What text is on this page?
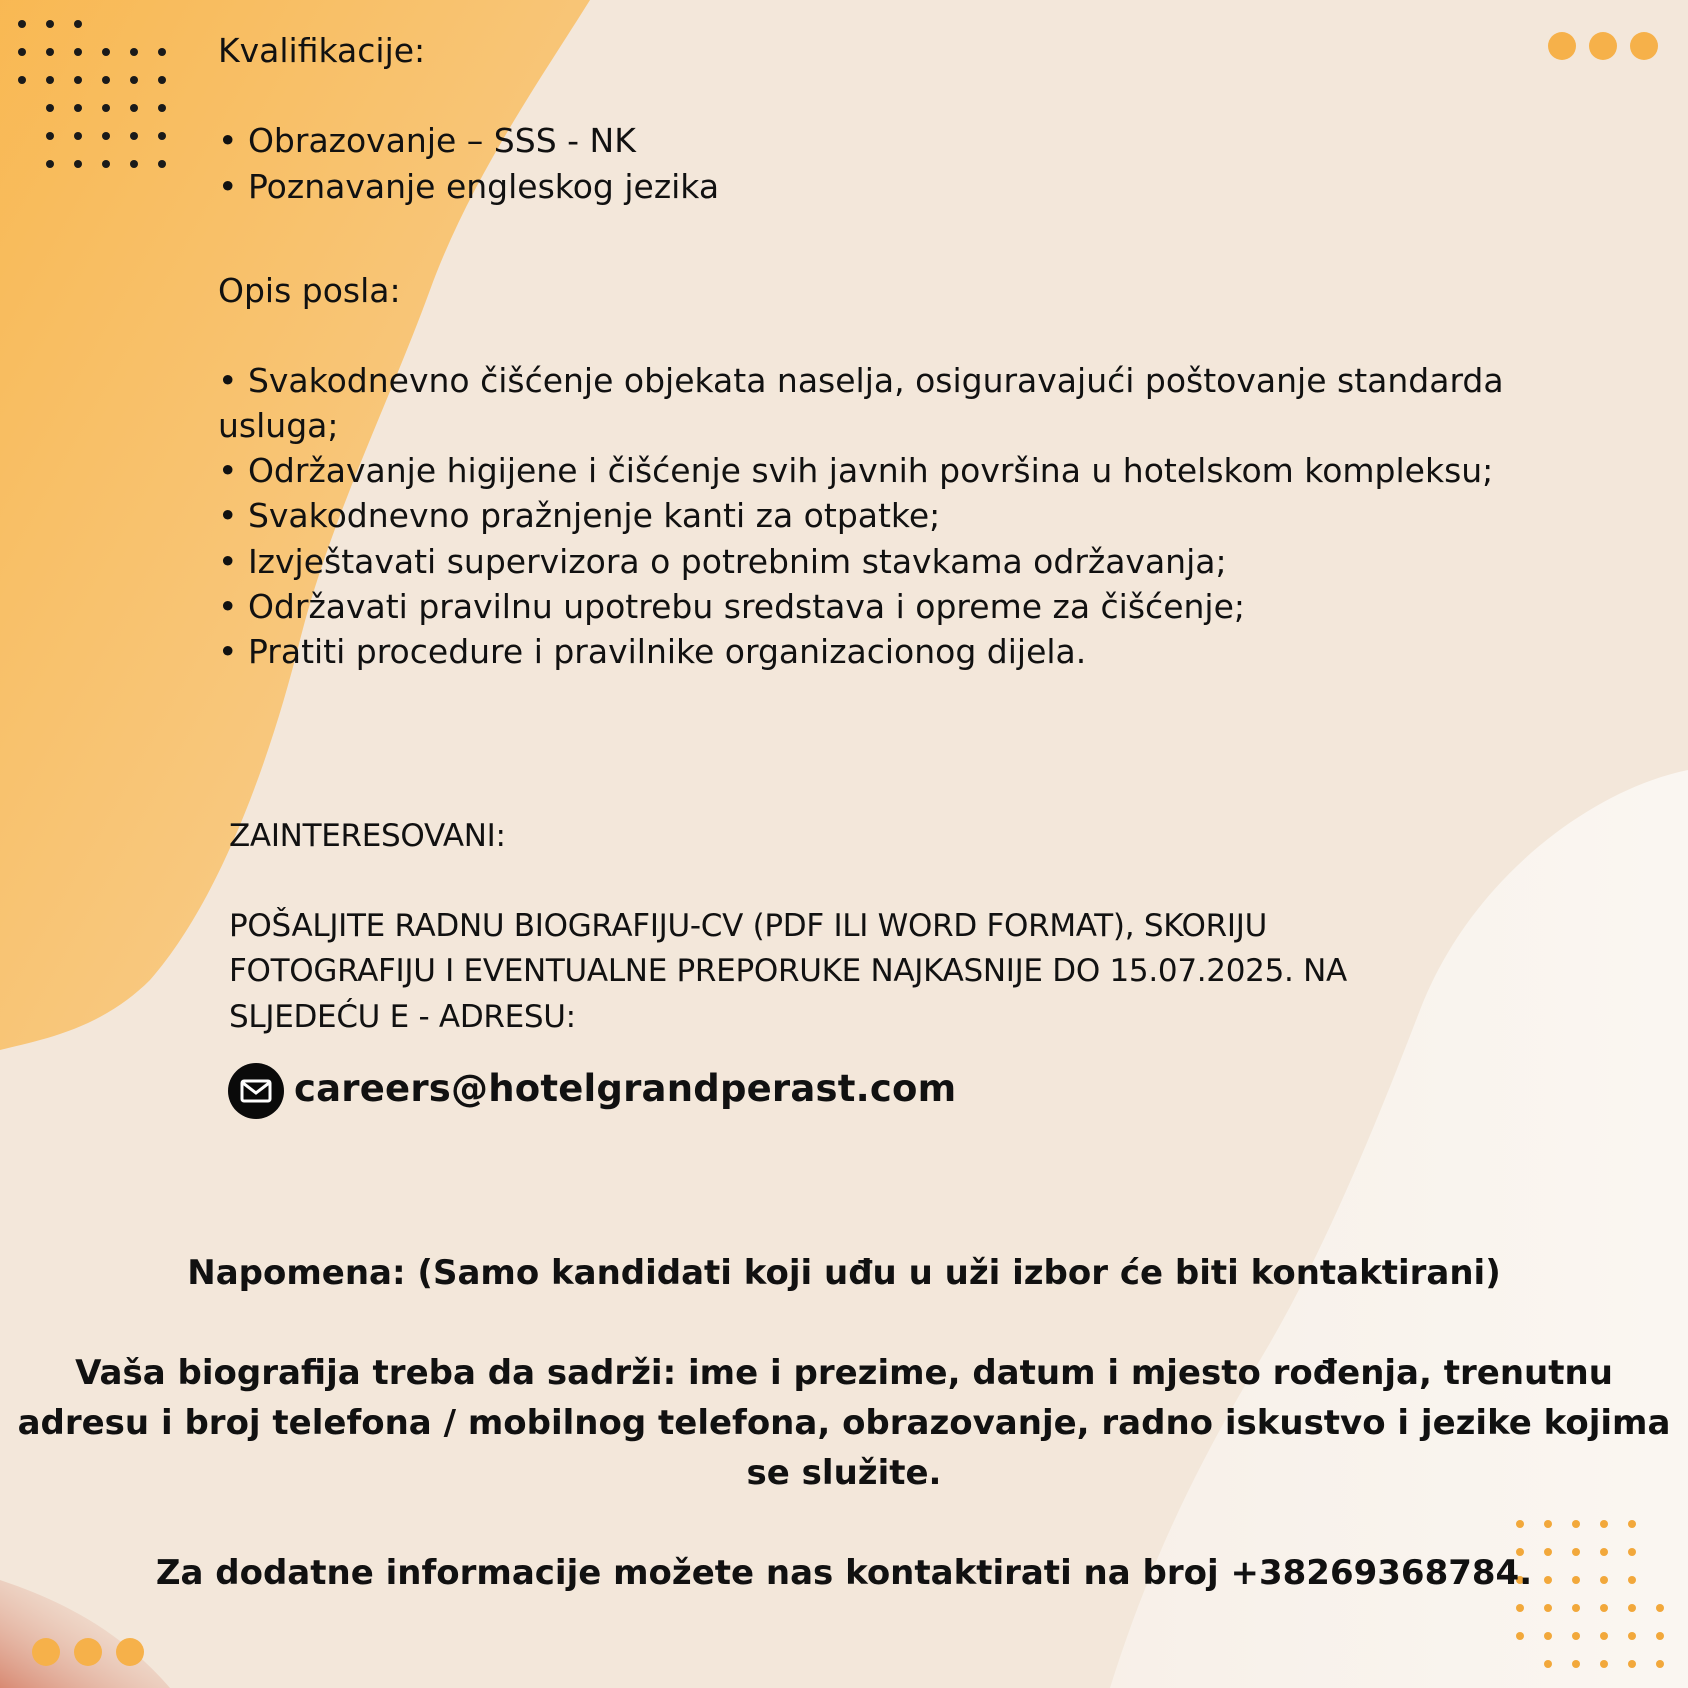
Kvalifikacije:
• Obrazovanje – SSS - NK
• Poznavanje engleskog jezika
Opis posla:
• Svakodnevno čišćenje objekata naselja, osiguravajući poštovanje standarda
usluga;
• Održavanje higijene i čišćenje svih javnih površina u hotelskom kompleksu;
• Svakodnevno pražnjenje kanti za otpatke;
• Izvještavati supervizora o potrebnim stavkama održavanja;
• Održavati pravilnu upotrebu sredstava i opreme za čišćenje;
• Pratiti procedure i pravilnike organizacionog dijela.
ZAINTERESOVANI:
POŠALJITE RADNU BIOGRAFIJU-CV (PDF ILI WORD FORMAT), SKORIJU
FOTOGRAFIJU I EVENTUALNE PREPORUKE NAJKASNIJE DO 15.07.2025. NA
SLJEDEĆU E - ADRESU:
careers@hotelgrandperast.com
Napomena: (Samo kandidati koji uđu u uži izbor će biti kontaktirani)
Vaša biografija treba da sadrži: ime i prezime, datum i mjesto rođenja, trenutnu
adresu i broj telefona / mobilnog telefona, obrazovanje, radno iskustvo i jezike kojima
se služite.
Za dodatne informacije možete nas kontaktirati na broj +38269368784.
